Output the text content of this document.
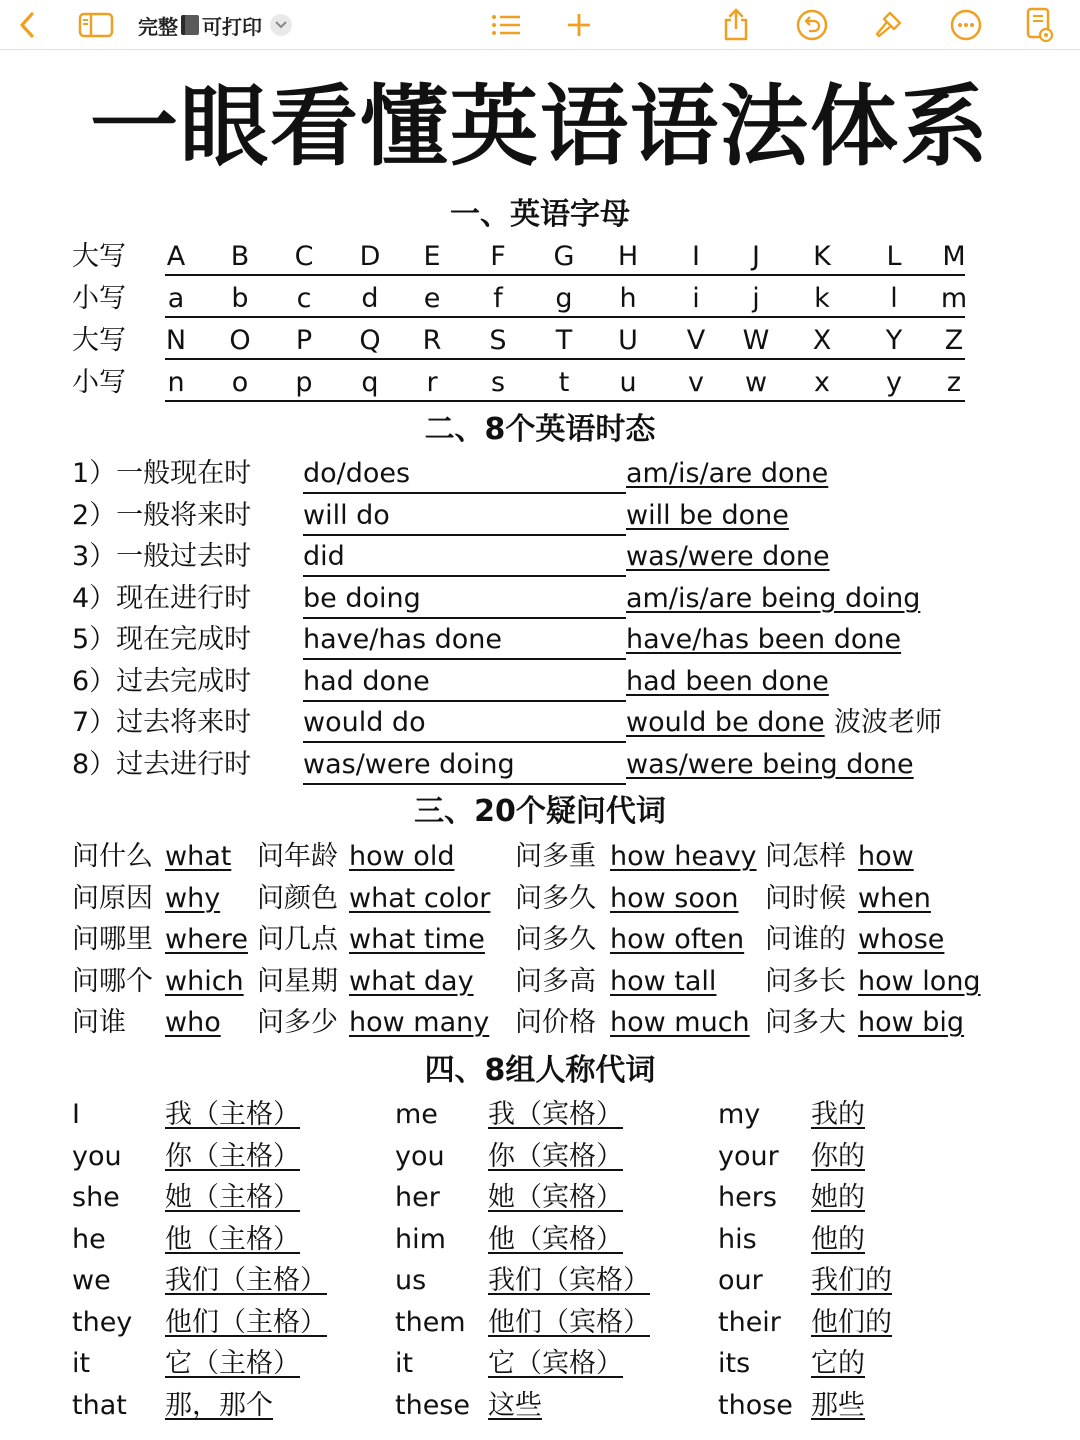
完整 可打印
一眼看懂英语语法体系
一、英语字母
大写	A	B	C	D	E	F	G	H	I	J	K	L	M
小写	a	b	c	d	e	f	g	h	i	j	k	l	m
大写	N	O	P	Q	R	S	T	U	V	W	X	Y	Z
小写	n	o	p	q	r	s	t	u	v	w	x	y	z
二、8个英语时态
1）一般现在时 do/does	am/is/are done
2）一般将来时 will do	will be done
3）一般过去时 did	was/were done
4）现在进行时 be doing	am/is/are being doing
5）现在完成时 have/has done	have/has been done
6）过去完成时 had done	had been done
7）过去将来时 would do	would be done 波波老师
8）过去进行时 was/were doing	was/were being done
三、20个疑问代词
问什么 what 问年龄 how old 问多重 how heavy 问怎样 how
问原因 why 问颜色 what color 问多久 how soon 问时候 when
问哪里 where 问几点 what time 问多久 how often 问谁的 whose
问哪个 which 问星期 what day 问多高 how tall 问多长 how long
问谁 who 问多少 how many 问价格 how much 问多大 how big
四、8组人称代词
I	我（主格）	me 我（宾格）	my 我的
you 你（主格）	you 你（宾格）	your 你的
she 她（主格）	her 她（宾格）	hers 她的
he 他（主格）	him 他（宾格）	his 他的
we 我们（主格）	us 我们（宾格）	our 我们的
they 他们（主格）	them 他们（宾格）	their 他们的
it	它（主格）	it	它（宾格）	its 它的
that 那，那个	these 这些	those 那些
